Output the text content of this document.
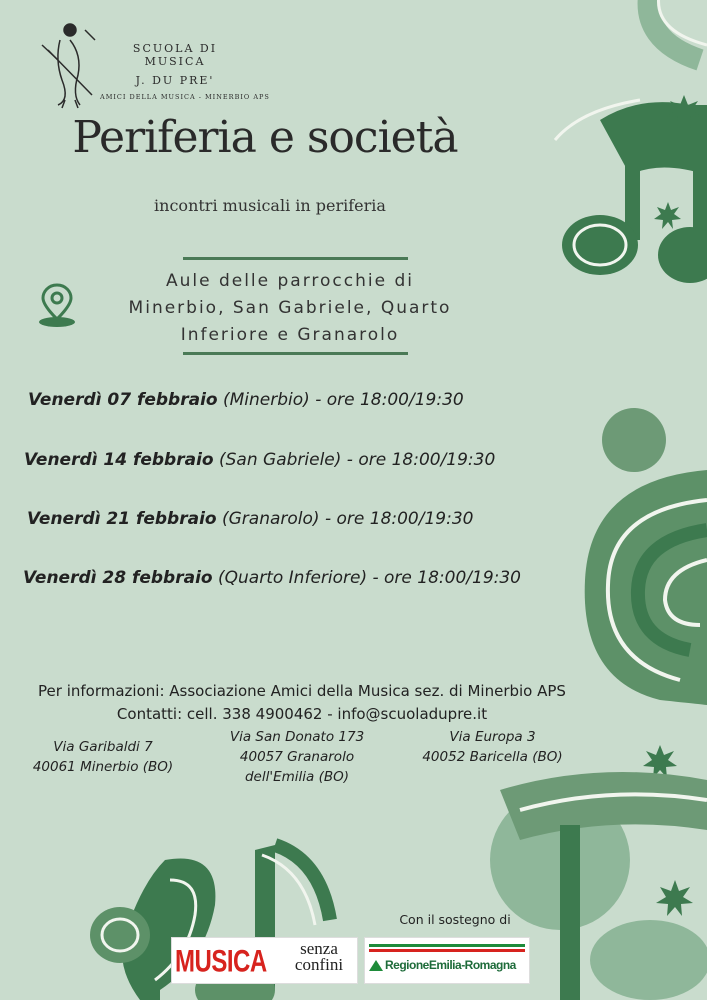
SCUOLA DI MUSICA
J. DU PRE'
AMICI DELLA MUSICA - MINERBIO APS
Periferia e società
incontri musicali in periferia
Aule delle parrocchie di
Minerbio, San Gabriele, Quarto
Inferiore e Granarolo
Venerdì 07 febbraio (Minerbio) - ore 18:00/19:30
Venerdì 14 febbraio (San Gabriele) - ore 18:00/19:30
Venerdì 21 febbraio (Granarolo) - ore 18:00/19:30
Venerdì 28 febbraio (Quarto Inferiore) - ore 18:00/19:30
Per informazioni: Associazione Amici della Musica sez. di Minerbio APS
Contatti: cell. 338 4900462 - info@scuoladupre.it
Via Garibaldi 7
40061 Minerbio (BO)
Via San Donato 173
40057 Granarolo
dell'Emilia (BO)
Via Europa 3
40052 Baricella (BO)
Con il sostegno di
MUSICA	senza
confini	RegioneEmilia-Romagna
